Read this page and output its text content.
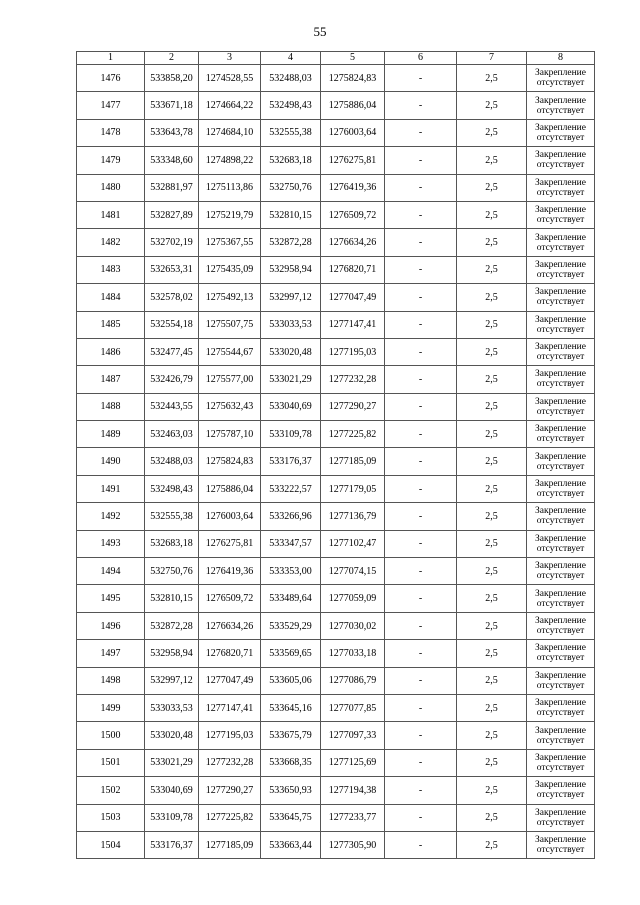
55
1	2	3	4	5	6	7	8
1476	533858,20	1274528,55	532488,03	1275824,83	-	2,5	Закрепление отсутствует
1477	533671,18	1274664,22	532498,43	1275886,04	-	2,5	Закрепление отсутствует
1478	533643,78	1274684,10	532555,38	1276003,64	-	2,5	Закрепление отсутствует
1479	533348,60	1274898,22	532683,18	1276275,81	-	2,5	Закрепление отсутствует
1480	532881,97	1275113,86	532750,76	1276419,36	-	2,5	Закрепление отсутствует
1481	532827,89	1275219,79	532810,15	1276509,72	-	2,5	Закрепление отсутствует
1482	532702,19	1275367,55	532872,28	1276634,26	-	2,5	Закрепление отсутствует
1483	532653,31	1275435,09	532958,94	1276820,71	-	2,5	Закрепление отсутствует
1484	532578,02	1275492,13	532997,12	1277047,49	-	2,5	Закрепление отсутствует
1485	532554,18	1275507,75	533033,53	1277147,41	-	2,5	Закрепление отсутствует
1486	532477,45	1275544,67	533020,48	1277195,03	-	2,5	Закрепление отсутствует
1487	532426,79	1275577,00	533021,29	1277232,28	-	2,5	Закрепление отсутствует
1488	532443,55	1275632,43	533040,69	1277290,27	-	2,5	Закрепление отсутствует
1489	532463,03	1275787,10	533109,78	1277225,82	-	2,5	Закрепление отсутствует
1490	532488,03	1275824,83	533176,37	1277185,09	-	2,5	Закрепление отсутствует
1491	532498,43	1275886,04	533222,57	1277179,05	-	2,5	Закрепление отсутствует
1492	532555,38	1276003,64	533266,96	1277136,79	-	2,5	Закрепление отсутствует
1493	532683,18	1276275,81	533347,57	1277102,47	-	2,5	Закрепление отсутствует
1494	532750,76	1276419,36	533353,00	1277074,15	-	2,5	Закрепление отсутствует
1495	532810,15	1276509,72	533489,64	1277059,09	-	2,5	Закрепление отсутствует
1496	532872,28	1276634,26	533529,29	1277030,02	-	2,5	Закрепление отсутствует
1497	532958,94	1276820,71	533569,65	1277033,18	-	2,5	Закрепление отсутствует
1498	532997,12	1277047,49	533605,06	1277086,79	-	2,5	Закрепление отсутствует
1499	533033,53	1277147,41	533645,16	1277077,85	-	2,5	Закрепление отсутствует
1500	533020,48	1277195,03	533675,79	1277097,33	-	2,5	Закрепление отсутствует
1501	533021,29	1277232,28	533668,35	1277125,69	-	2,5	Закрепление отсутствует
1502	533040,69	1277290,27	533650,93	1277194,38	-	2,5	Закрепление отсутствует
1503	533109,78	1277225,82	533645,75	1277233,77	-	2,5	Закрепление отсутствует
1504	533176,37	1277185,09	533663,44	1277305,90	-	2,5	Закрепление отсутствует
